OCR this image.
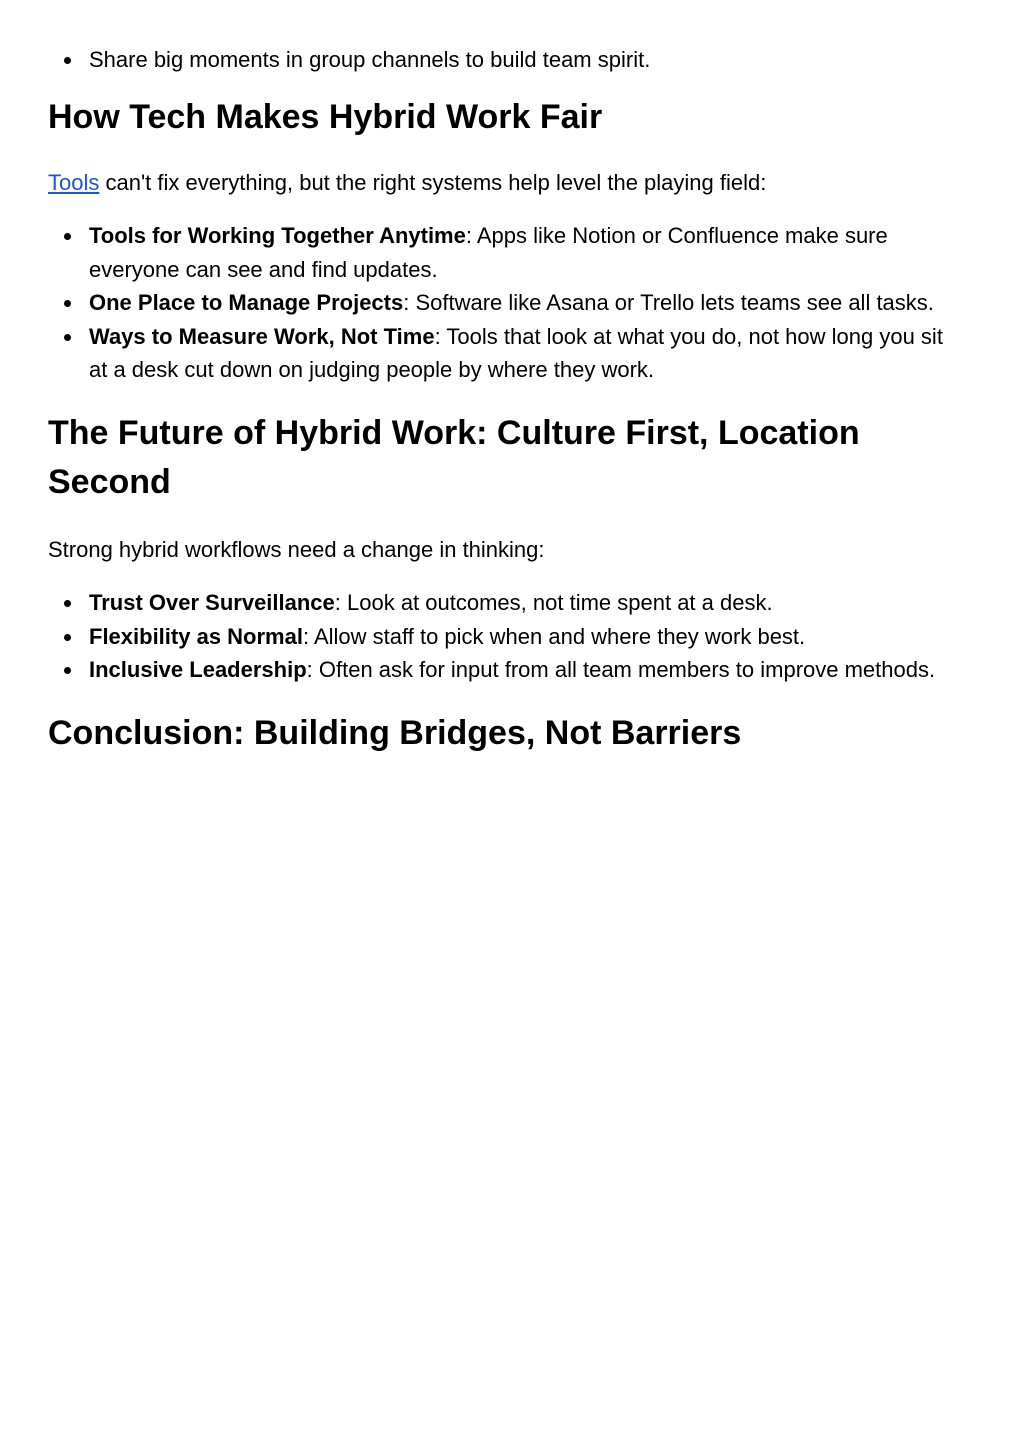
Share big moments in group channels to build team spirit.
How Tech Makes Hybrid Work Fair

Tools can't fix everything, but the right systems help level the playing field:

Tools for Working Together Anytime: Apps like Notion or Confluence make sure everyone can see and find updates.
One Place to Manage Projects: Software like Asana or Trello lets teams see all tasks.
Ways to Measure Work, Not Time: Tools that look at what you do, not how long you sit at a desk cut down on judging people by where they work.
The Future of Hybrid Work: Culture First, Location Second

Strong hybrid workflows need a change in thinking:

Trust Over Surveillance: Look at outcomes, not time spent at a desk.
Flexibility as Normal: Allow staff to pick when and where they work best.
Inclusive Leadership: Often ask for input from all team members to improve methods.
Conclusion: Building Bridges, Not Barriers
